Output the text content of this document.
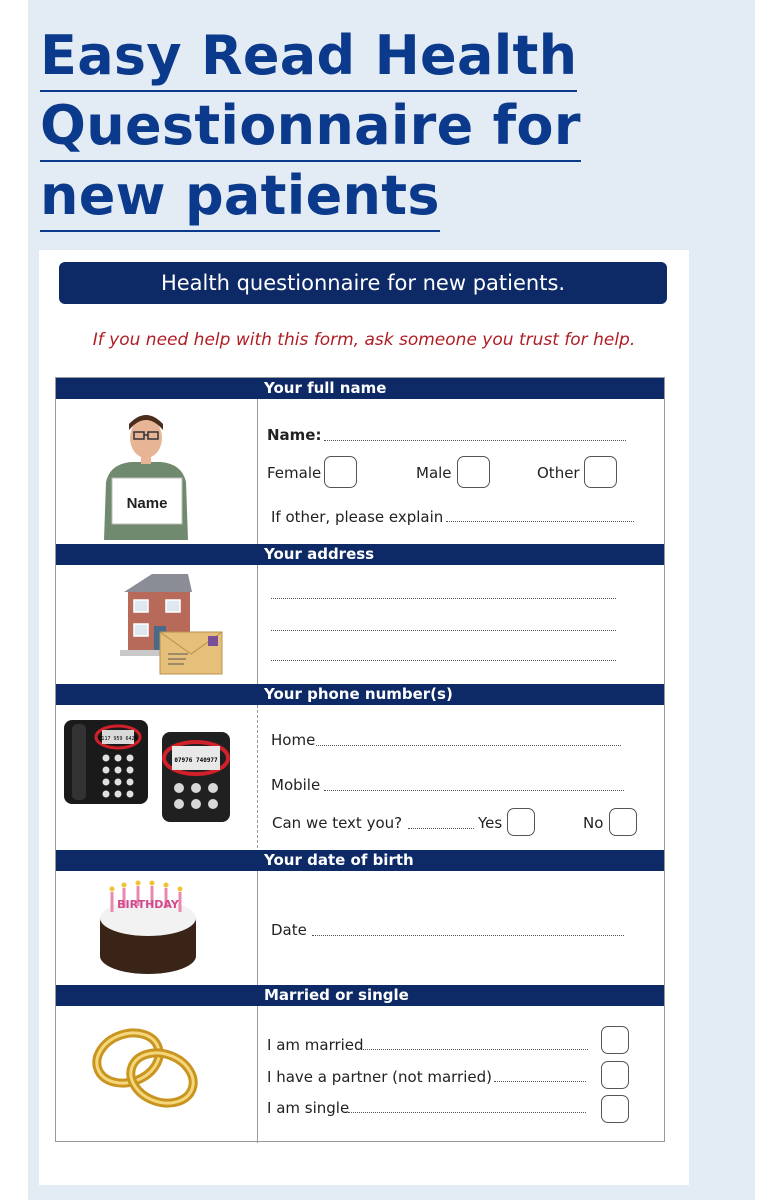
Easy Read Health
Questionnaire for
new patients
Health questionnaire for new patients.
If you need help with this form, ask someone you trust for help.
Your full name
Name
Name:
Female	Male	Other
If other, please explain
Your address
Your phone number(s)
0117 959 6426
07976 740977
Home
Mobile
Can we text you?	Yes	No
Your date of birth
BIRTHDAY
Date
Married or single
I am married
I have a partner (not married)
I am single
